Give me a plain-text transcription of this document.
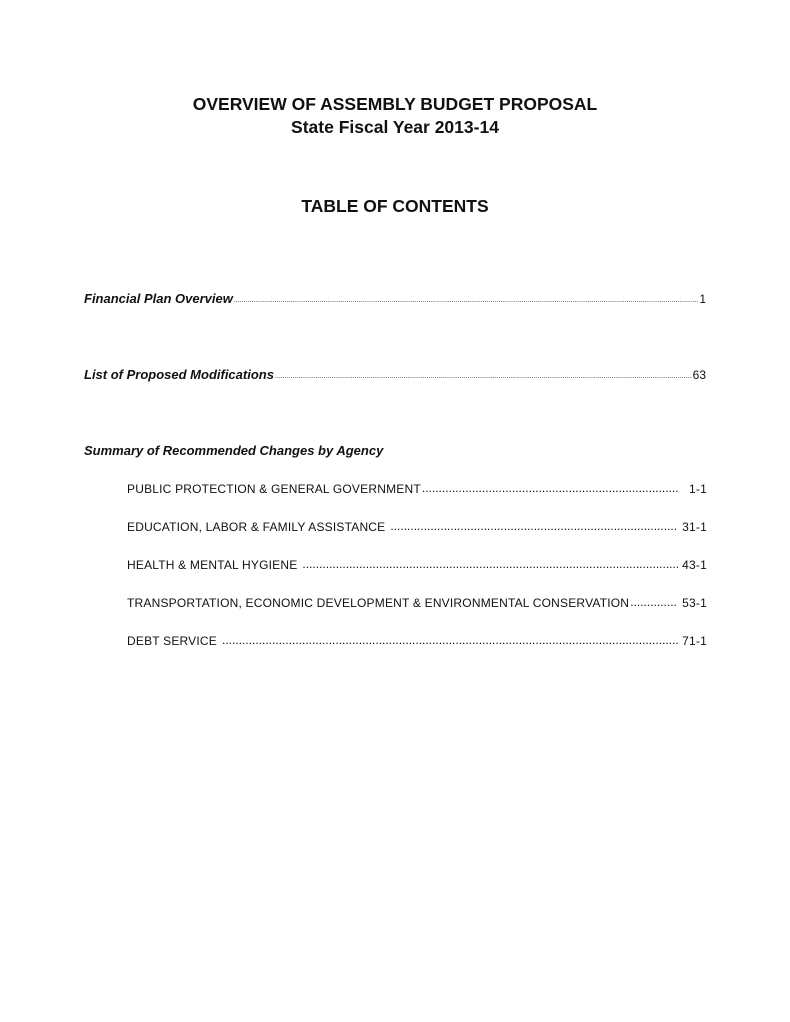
OVERVIEW OF ASSEMBLY BUDGET PROPOSAL
State Fiscal Year 2013-14
TABLE OF CONTENTS
Financial Plan Overview .....	1
List of Proposed Modifications .....	63
Summary of Recommended Changes by Agency
PUBLIC PROTECTION & GENERAL GOVERNMENT .....	1-1
EDUCATION, LABOR & FAMILY ASSISTANCE .....	31-1
HEALTH & MENTAL HYGIENE .....	43-1
TRANSPORTATION, ECONOMIC DEVELOPMENT & ENVIRONMENTAL CONSERVATION .....	53-1
DEBT SERVICE .....	71-1
